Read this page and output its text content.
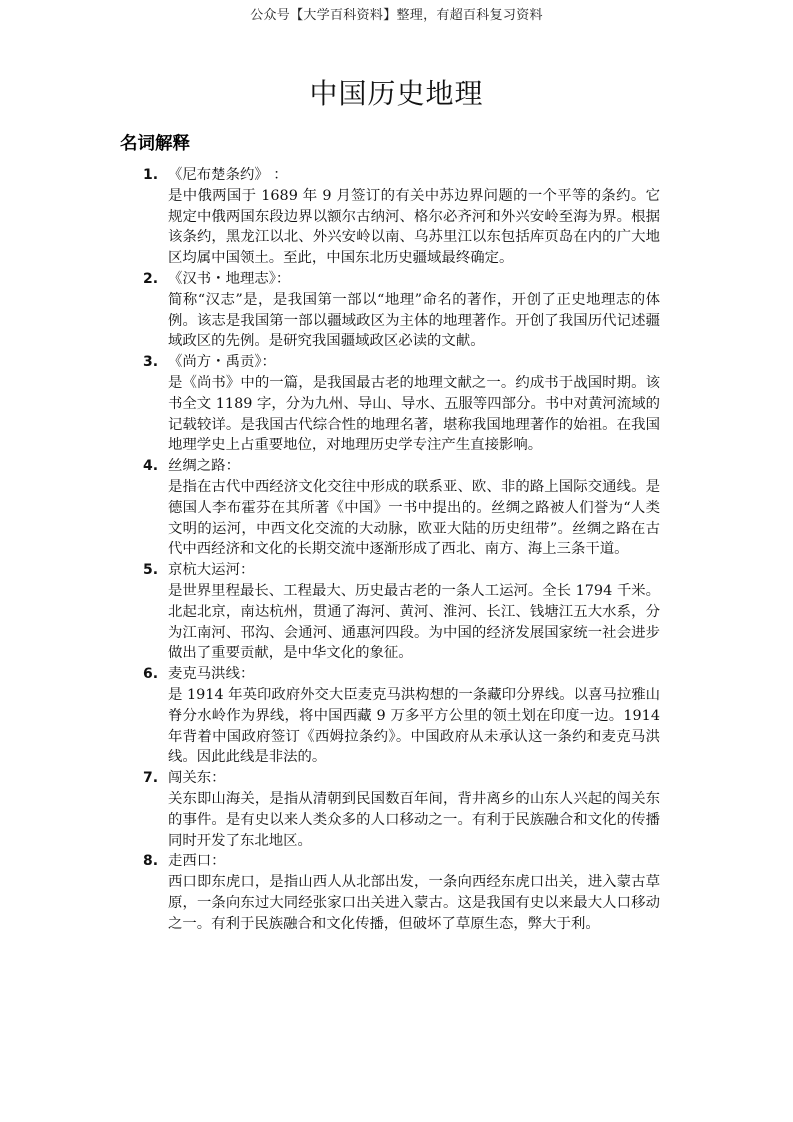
公众号【大学百科资料】整理，有超百科复习资料
中国历史地理
名词解释
1. 《尼布楚条约》 ：
是中俄两国于 1689 年 9 月签订的有关中苏边界问题的一个平等的条约。它规定中俄两国东段边界以额尔古纳河、格尔必齐河和外兴安岭至海为界。根据该条约，黑龙江以北、外兴安岭以南、乌苏里江以东包括库页岛在内的广大地区均属中国领土。至此，中国东北历史疆域最终确定。
2. 《汉书・地理志》：
简称“汉志”是，是我国第一部以“地理”命名的著作，开创了正史地理志的体例。该志是我国第一部以疆域政区为主体的地理著作。开创了我国历代记述疆域政区的先例。是研究我国疆域政区必读的文献。
3. 《尚方・禹贡》：
是《尚书》中的一篇，是我国最古老的地理文献之一。约成书于战国时期。该书全文 1189 字，分为九州、导山、导水、五服等四部分。书中对黄河流域的记载较详。是我国古代综合性的地理名著，堪称我国地理著作的始祖。在我国地理学史上占重要地位，对地理历史学专注产生直接影响。
4. 丝绸之路：
是指在古代中西经济文化交往中形成的联系亚、欧、非的路上国际交通线。是德国人李布霍芬在其所著《中国》一书中提出的。丝绸之路被人们誉为“人类文明的运河，中西文化交流的大动脉，欧亚大陆的历史纽带”。丝绸之路在古代中西经济和文化的长期交流中逐渐形成了西北、南方、海上三条干道。
5. 京杭大运河：
是世界里程最长、工程最大、历史最古老的一条人工运河。全长 1794 千米。北起北京，南达杭州，贯通了海河、黄河、淮河、长江、钱塘江五大水系，分为江南河、邗沟、会通河、通惠河四段。为中国的经济发展国家统一社会进步做出了重要贡献，是中华文化的象征。
6. 麦克马洪线：
是 1914 年英印政府外交大臣麦克马洪构想的一条藏印分界线。以喜马拉雅山脊分水岭作为界线，将中国西藏 9 万多平方公里的领土划在印度一边。1914 年背着中国政府签订《西姆拉条约》。中国政府从未承认这一条约和麦克马洪线。因此此线是非法的。
7. 闯关东：
关东即山海关，是指从清朝到民国数百年间，背井离乡的山东人兴起的闯关东的事件。是有史以来人类众多的人口移动之一。有利于民族融合和文化的传播同时开发了东北地区。
8. 走西口：
西口即东虎口，是指山西人从北部出发，一条向西经东虎口出关，进入蒙古草原，一条向东过大同经张家口出关进入蒙古。这是我国有史以来最大人口移动之一。有利于民族融合和文化传播，但破坏了草原生态，弊大于利。
